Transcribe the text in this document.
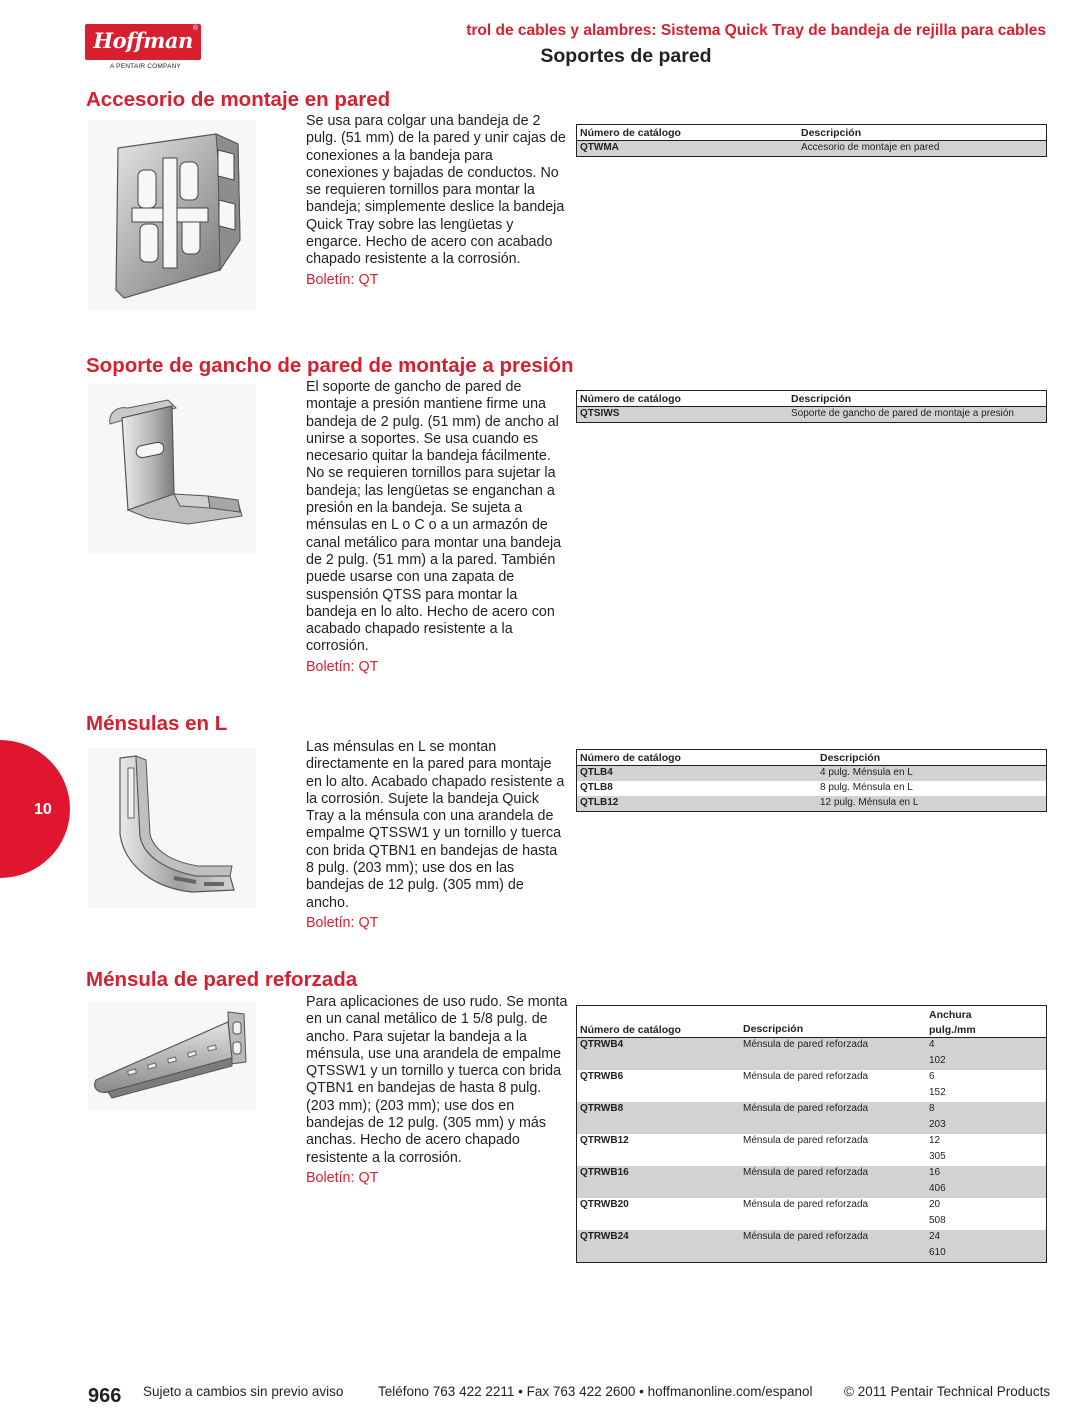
Hoffman ®
A PENTAIR COMPANY
trol de cables y alambres: Sistema Quick Tray de bandeja de rejilla para cables
Soportes de pared
Accesorio de montaje en pared
Se usa para colgar una bandeja de 2 pulg. (51 mm) de la pared y unir cajas de conexiones a la bandeja para conexiones y bajadas de conductos. No se requieren tornillos para montar la bandeja; simplemente deslice la bandeja Quick Tray sobre las lengüetas y engarce. Hecho de acero con acabado chapado resistente a la corrosión.
Boletín: QT
Número de catálogo	Descripción
QTWMA	Accesorio de montaje en pared
Soporte de gancho de pared de montaje a presión
El soporte de gancho de pared de montaje a presión mantiene firme una bandeja de 2 pulg. (51 mm) de ancho al unirse a soportes. Se usa cuando es necesario quitar la bandeja fácilmente. No se requieren tornillos para sujetar la bandeja; las lengüetas se enganchan a presión en la bandeja. Se sujeta a ménsulas en L o C o a un armazón de canal metálico para montar una bandeja de 2 pulg. (51 mm) a la pared. También puede usarse con una zapata de suspensión QTSS para montar la bandeja en lo alto. Hecho de acero con acabado chapado resistente a la corrosión.
Boletín: QT
Número de catálogo	Descripción
QTSIWS	Soporte de gancho de pared de montaje a presión
Ménsulas en L
Las ménsulas en L se montan directamente en la pared para montaje en lo alto. Acabado chapado resistente a la corrosión. Sujete la bandeja Quick Tray a la ménsula con una arandela de empalme QTSSW1 y un tornillo y tuerca con brida QTBN1 en bandejas de hasta 8 pulg. (203 mm); use dos en las bandejas de 12 pulg. (305 mm) de ancho.
Boletín: QT
Número de catálogo	Descripción
QTLB4	4 pulg. Ménsula en L
QTLB8	8 pulg. Ménsula en L
QTLB12	12 pulg. Ménsula en L
Ménsula de pared reforzada
Para aplicaciones de uso rudo. Se monta en un canal metálico de 1 5/8 pulg. de ancho. Para sujetar la bandeja a la ménsula, use una arandela de empalme QTSSW1 y un tornillo y tuerca con brida QTBN1 en bandejas de hasta 8 pulg. (203 mm); (203 mm); use dos en bandejas de 12 pulg. (305 mm) y más anchas. Hecho de acero chapado resistente a la corrosión.
Boletín: QT
Número de catálogo	Descripción
Anchura
pulg./mm
QTRWB4	Ménsula de pared reforzada	4
102
QTRWB6	Ménsula de pared reforzada	6
152
QTRWB8	Ménsula de pared reforzada	8
203
QTRWB12	Ménsula de pared reforzada	12
305
QTRWB16	Ménsula de pared reforzada	16
406
QTRWB20	Ménsula de pared reforzada	20
508
QTRWB24	Ménsula de pared reforzada	24
610
10
966 Sujeto a cambios sin previo aviso	Teléfono 763 422 2211 • Fax 763 422 2600 • hoffmanonline.com/espanol © 2011 Pentair Technical Products
